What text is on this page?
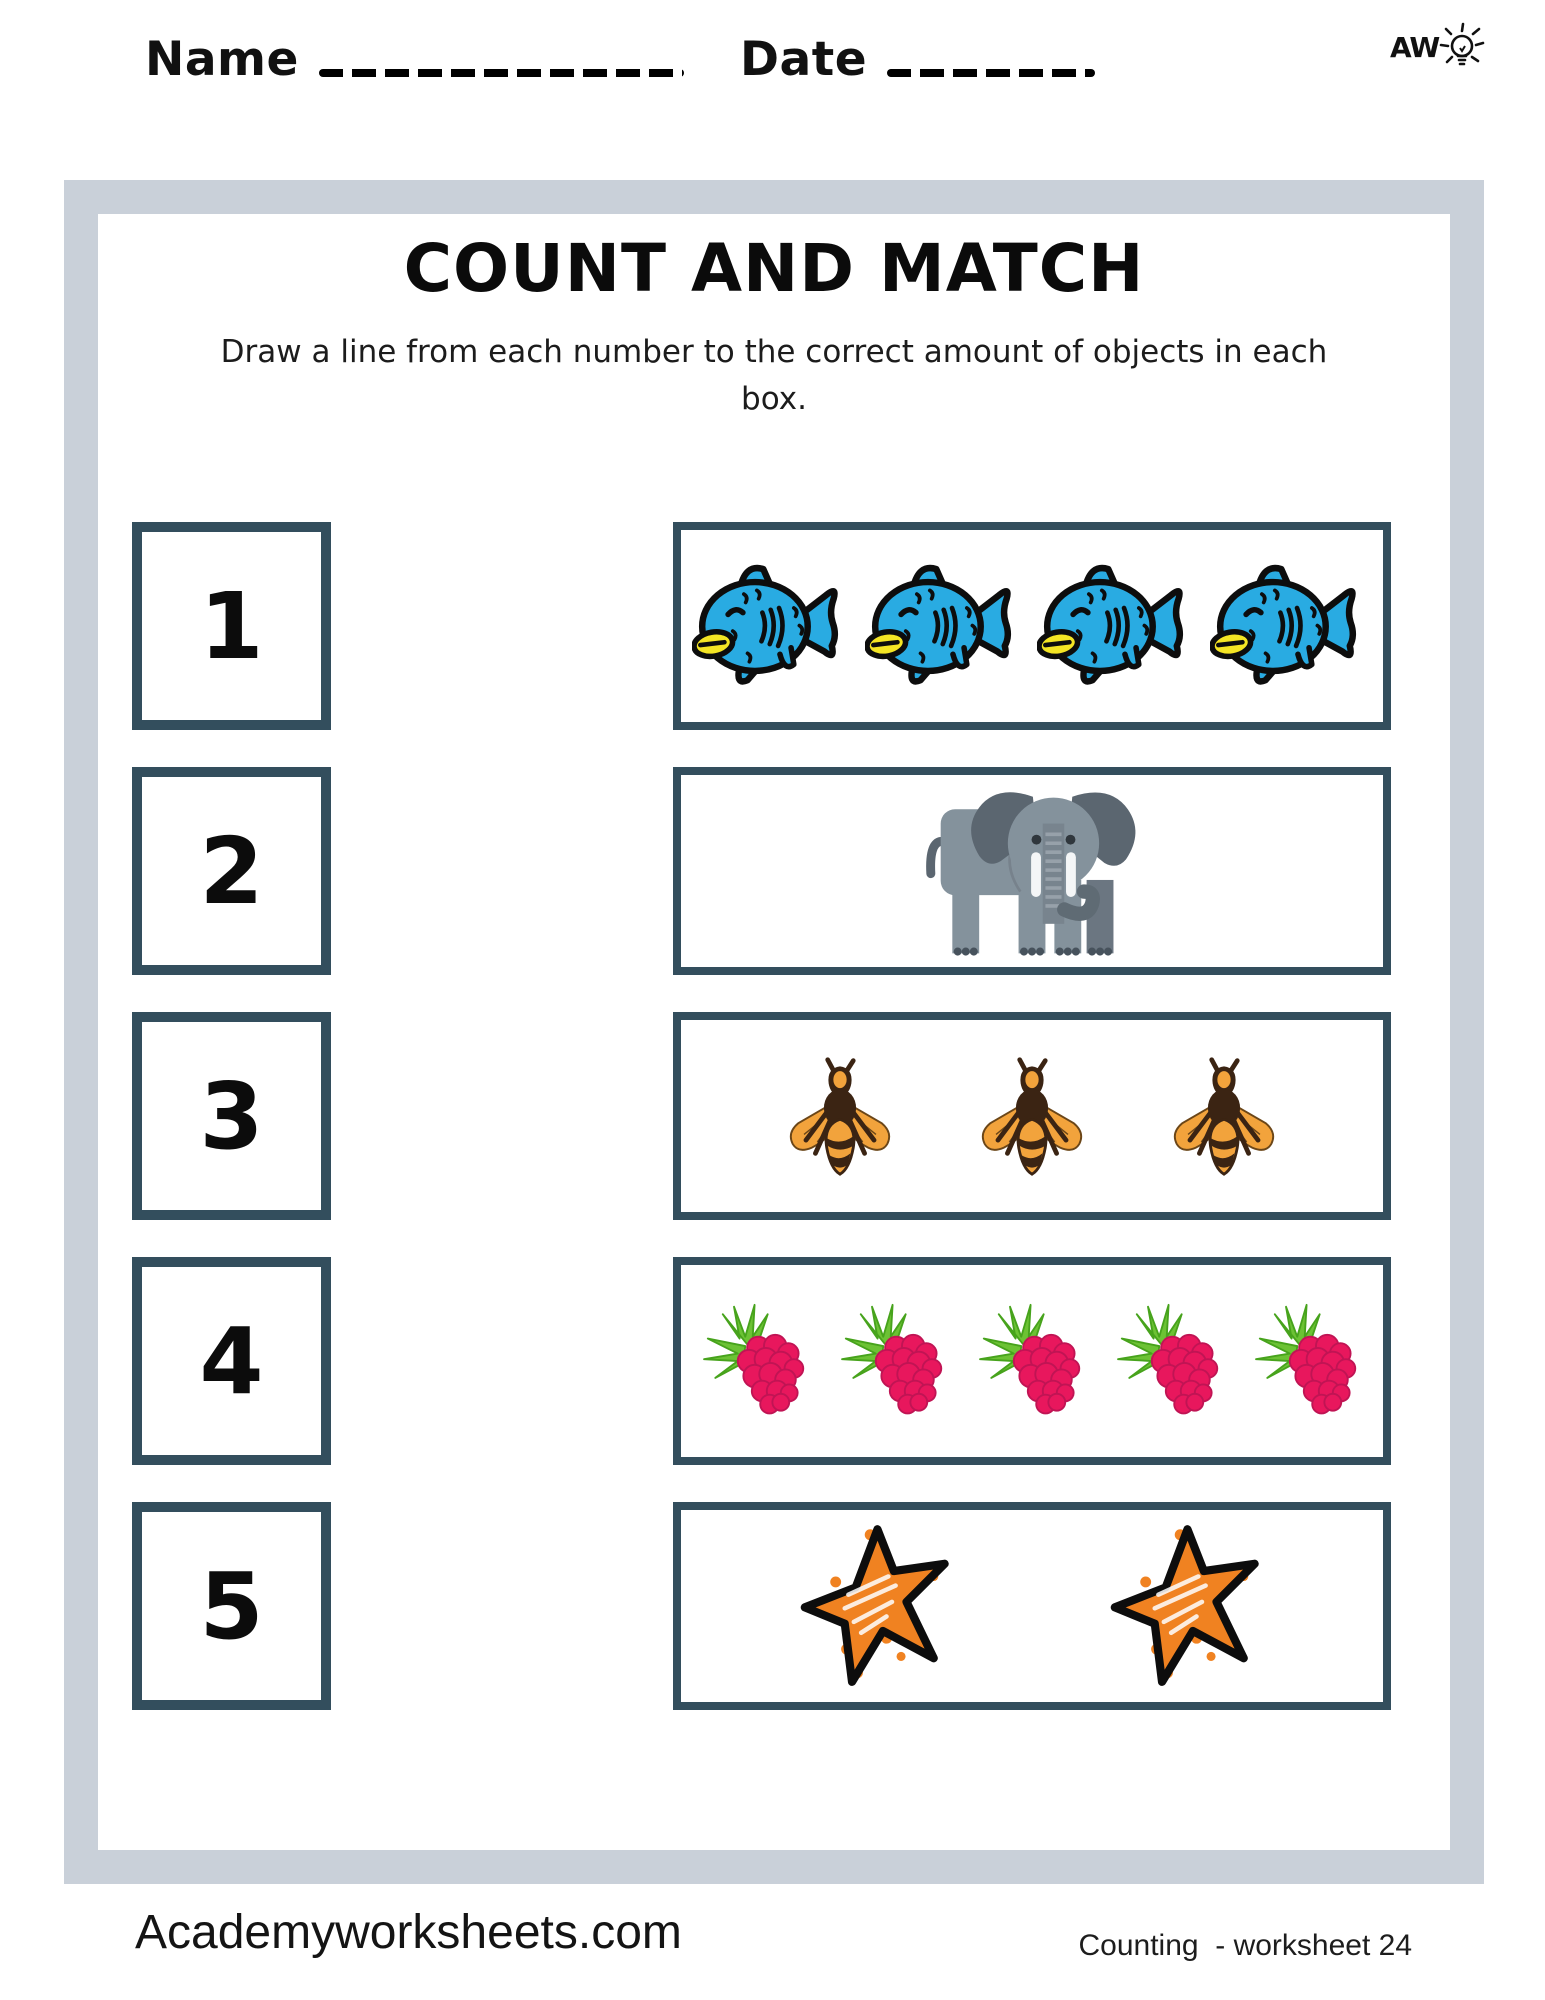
Name	Date	AW
COUNT AND MATCH

Draw a line from each number to the correct amount of objects in each box.

1
2
3
4
5
Academyworksheets.com	Counting  - worksheet 24
